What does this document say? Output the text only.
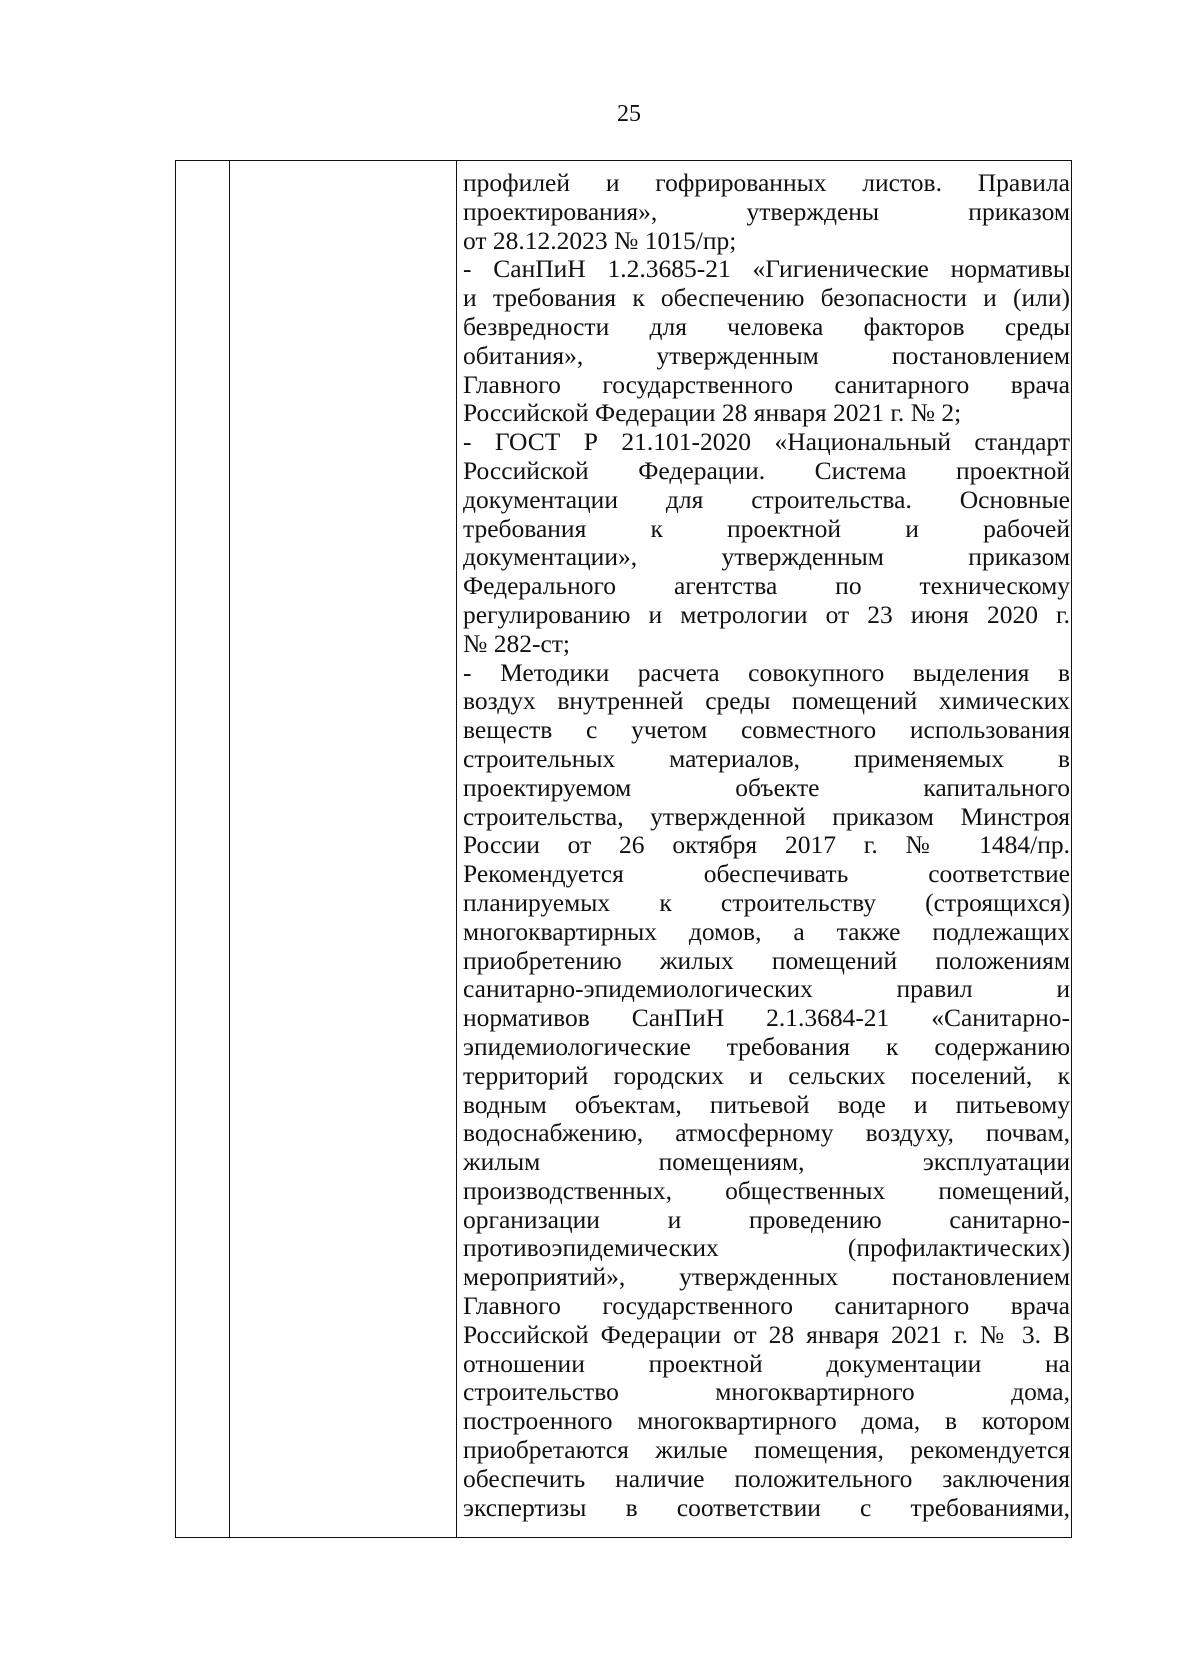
25
профилей и гофрированных листов. Правила
проектирования», утверждены приказом
от 28.12.2023 № 1015/пр;
- СанПиН 1.2.3685-21 «Гигиенические нормативы
и требования к обеспечению безопасности и (или)
безвредности для человека факторов среды
обитания», утвержденным постановлением
Главного государственного санитарного врача
Российской Федерации 28 января 2021 г. № 2;
- ГОСТ Р 21.101-2020 «Национальный стандарт
Российской Федерации. Система проектной
документации для строительства. Основные
требования к проектной и рабочей
документации», утвержденным приказом
Федерального агентства по техническому
регулированию и метрологии от 23 июня 2020 г.
№ 282-ст;
- Методики расчета совокупного выделения в
воздух внутренней среды помещений химических
веществ с учетом совместного использования
строительных материалов, применяемых в
проектируемом объекте капитального
строительства, утвержденной приказом Минстроя
России от 26 октября 2017 г. № 1484/пр.
Рекомендуется обеспечивать соответствие
планируемых к строительству (строящихся)
многоквартирных домов, а также подлежащих
приобретению жилых помещений положениям
санитарно-эпидемиологических правил и
нормативов СанПиН 2.1.3684-21 «Санитарно-
эпидемиологические требования к содержанию
территорий городских и сельских поселений, к
водным объектам, питьевой воде и питьевому
водоснабжению, атмосферному воздуху, почвам,
жилым помещениям, эксплуатации
производственных, общественных помещений,
организации и проведению санитарно-
противоэпидемических (профилактических)
мероприятий», утвержденных постановлением
Главного государственного санитарного врача
Российской Федерации от 28 января 2021 г. № 3. В
отношении проектной документации на
строительство многоквартирного дома,
построенного многоквартирного дома, в котором
приобретаются жилые помещения, рекомендуется
обеспечить наличие положительного заключения
экспертизы в соответствии с требованиями,
